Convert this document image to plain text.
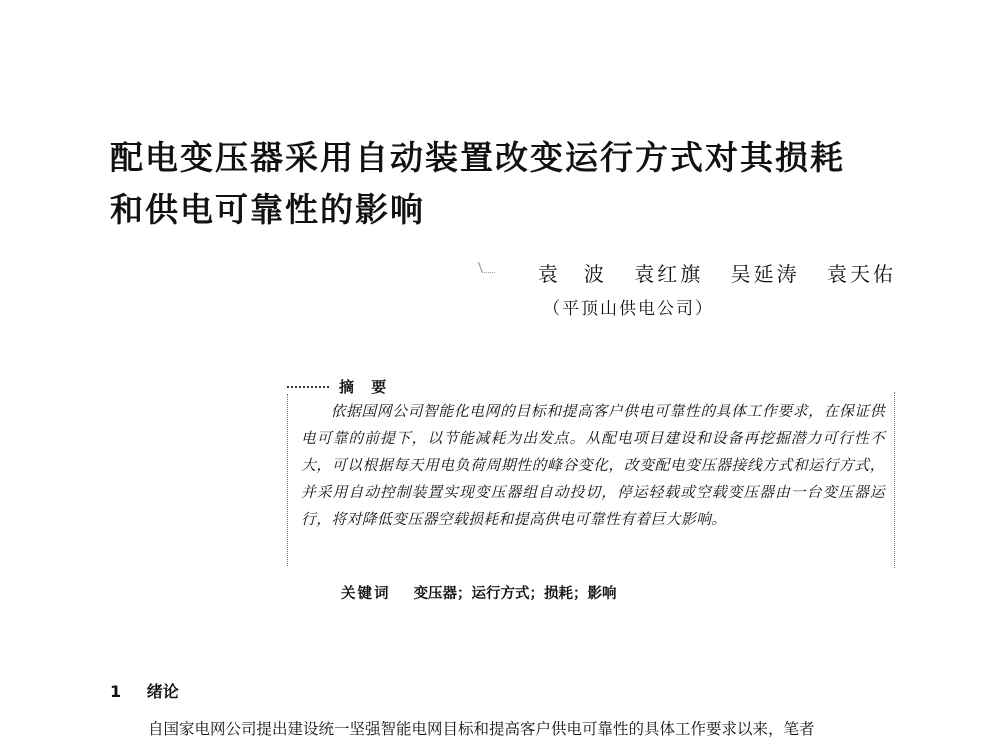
配电变压器采用自动装置改变运行方式对其损耗
和供电可靠性的影响
袁　波 袁红旗 吴延涛 袁天佑
（平顶山供电公司）
摘 要

依据国网公司智能化电网的目标和提高客户供电可靠性的具体工作要求，在保证供电可靠的前提下，以节能减耗为出发点。从配电项目建设和设备再挖掘潜力可行性不大，可以根据每天用电负荷周期性的峰谷变化，改变配电变压器接线方式和运行方式，并采用自动控制装置实现变压器组自动投切，停运轻载或空载变压器由一台变压器运行，将对降低变压器空载损耗和提高供电可靠性有着巨大影响。

关键词 变压器；运行方式；损耗；影响
1 绪论
自国家电网公司提出建设统一坚强智能电网目标和提高客户供电可靠性的具体工作要求以来，笔者
